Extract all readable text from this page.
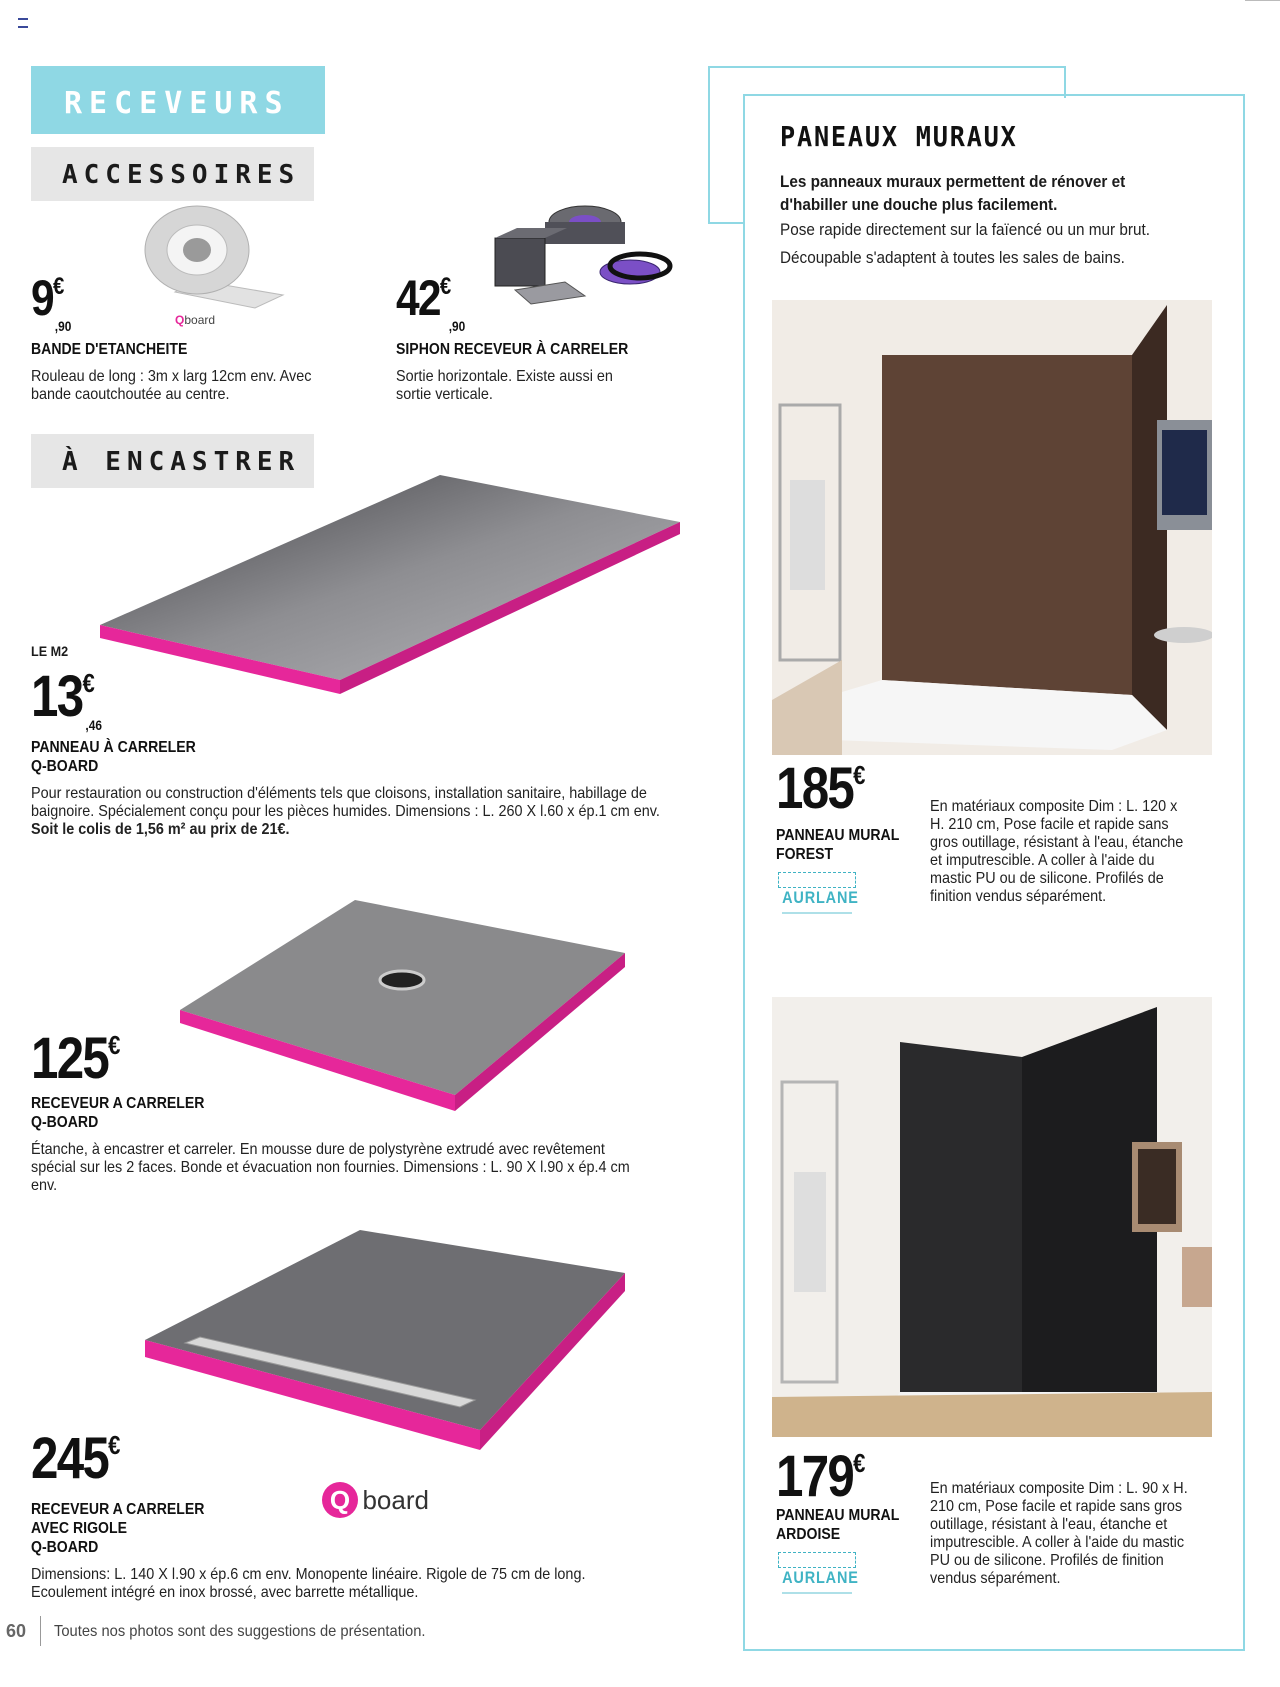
RECEVEURS
ACCESSOIRES
Qboard
9€
,90
BANDE D'ETANCHEITE
Rouleau de long : 3m x larg 12cm env. Avec bande caoutchoutée au centre.
42€
,90
SIPHON RECEVEUR À CARRELER
Sortie horizontale. Existe aussi en sortie verticale.
À ENCASTRER
LE M2
13€
,46
PANNEAU À CARRELER
Q-BOARD
Pour restauration ou construction d'éléments tels que cloisons, installation sanitaire, habillage de baignoire. Spécialement conçu pour les pièces humides. Dimensions : L. 260 X l.60 x ép.1 cm env. Soit le colis de 1,56 m² au prix de 21€.
125€
RECEVEUR A CARRELER
Q-BOARD
Étanche, à encastrer et carreler. En mousse dure de polystyrène extrudé avec revêtement spécial sur les 2 faces. Bonde et évacuation non fournies. Dimensions : L. 90 X l.90 x ép.4 cm env.
Q board
245€
RECEVEUR A CARRELER
AVEC RIGOLE
Q-BOARD
Dimensions: L. 140 X l.90 x ép.6 cm env. Monopente linéaire. Rigole de 75 cm de long. Ecoulement intégré en inox brossé, avec barrette métallique.
60 Toutes nos photos sont des suggestions de présentation.
PANEAUX MURAUX
Les panneaux muraux permettent de rénover et d'habiller une douche plus facilement.
Pose rapide directement sur la faïencé ou un mur brut.
Découpable s'adaptent à toutes les sales de bains.
185€
PANNEAU MURAL
FOREST
AURLANE
En matériaux composite Dim : L. 120 x H. 210 cm, Pose facile et rapide sans gros outillage, résistant à l'eau, étanche et imputrescible. A coller à l'aide du mastic PU ou de silicone. Profilés de finition vendus séparément.
179€
PANNEAU MURAL
ARDOISE
AURLANE
En matériaux composite Dim : L. 90 x H. 210 cm, Pose facile et rapide sans gros outillage, résistant à l'eau, étanche et imputrescible. A coller à l'aide du mastic PU ou de silicone. Profilés de finition vendus séparément.
